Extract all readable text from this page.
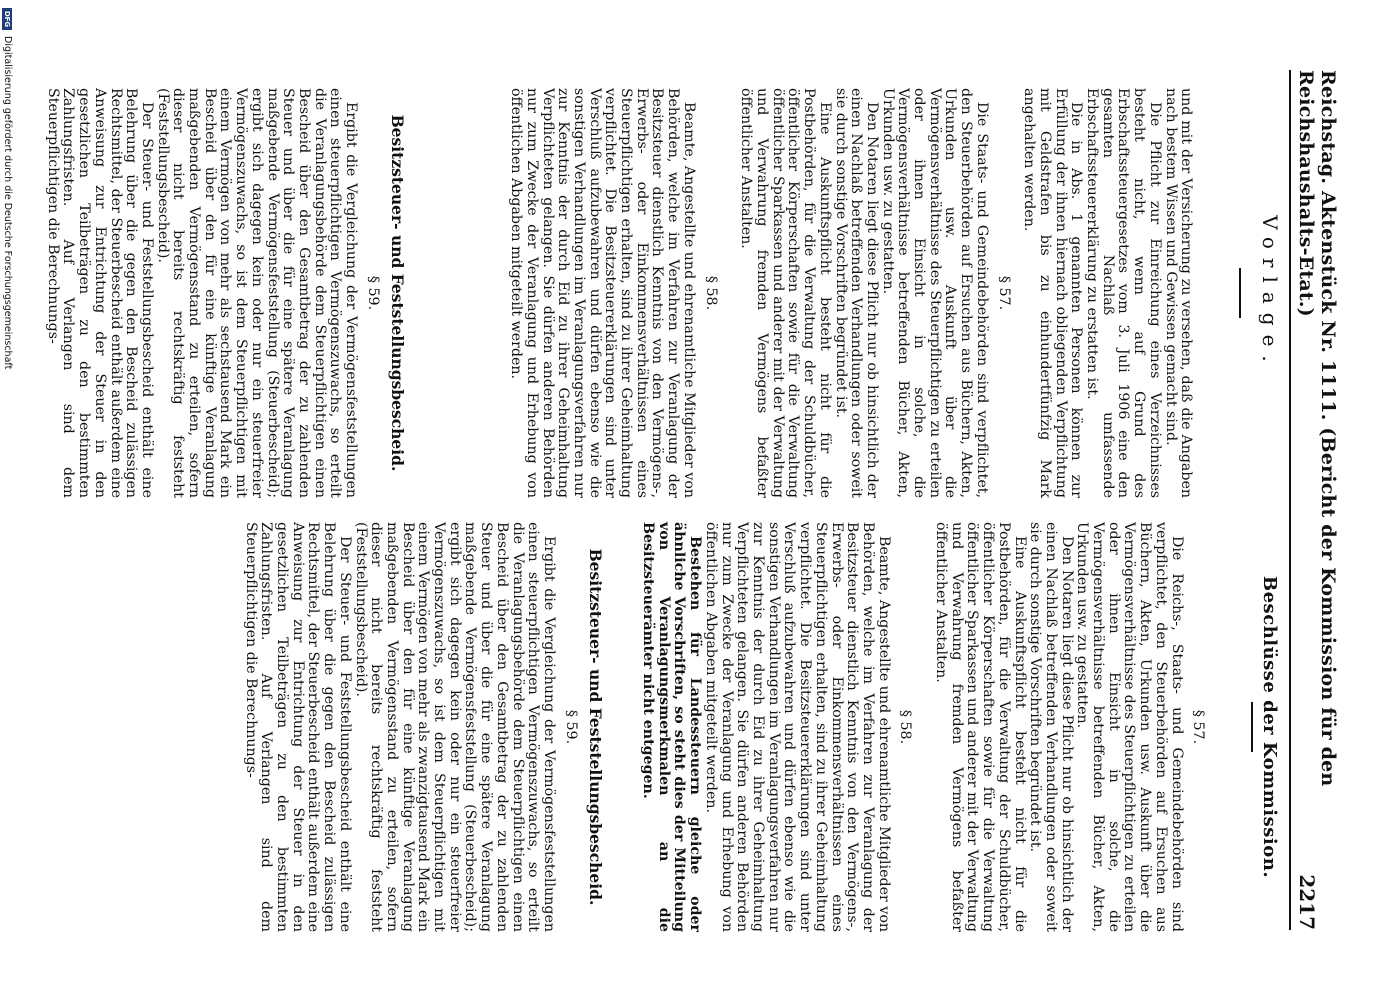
Reichstag. Aktenstück Nr. 1111. (Bericht der Kommission für den Reichshaushalts-Etat.)
2217
Vorlage.

und mit der Versicherung zu versehen, daß die Angaben nach bestem Wissen und Gewissen gemacht sind.

Die Pflicht zur Einreichung eines Verzeichnisses besteht nicht, wenn auf Grund des Erbschaftssteuergesetzes vom 3. Juli 1906 eine den gesamten Nachlaß umfassende Erbschaftssteuererklärung zu erstatten ist.

Die in Abs. 1 genannten Personen können zur Erfüllung der ihnen hiernach obliegenden Verpflichtung mit Geldstrafen bis zu einhundertfünfzig Mark angehalten werden.

§ 57.

Die Staats- und Gemeindebehörden sind verpflichtet, den Steuerbehörden auf Ersuchen aus Büchern, Akten, Urkunden usw. Auskunft über die Vermögensverhältnisse des Steuerpflichtigen zu erteilen oder ihnen Einsicht in solche, die Vermögensverhältnisse betreffenden Bücher, Akten, Urkunden usw. zu gestatten.

Den Notaren liegt diese Pflicht nur ob hinsichtlich der einen Nachlaß betreffenden Verhandlungen oder soweit sie durch sonstige Vorschriften begründet ist.

Eine Auskunftspflicht besteht nicht für die Postbehörden, für die Verwaltung der Schuldbücher, öffentlicher Körperschaften sowie für die Verwaltung öffentlicher Sparkassen und anderer mit der Verwaltung und Verwahrung fremden Vermögens befaßter öffentlicher Anstalten.

§ 58.

Beamte, Angestellte und ehrenamtliche Mitglieder von Behörden, welche im Verfahren zur Veranlagung der Besitzsteuer dienstlich Kenntnis von den Vermögens-, Erwerbs- oder Einkommensverhältnissen eines Steuerpflichtigen erhalten, sind zu ihrer Geheimhaltung verpflichtet. Die Besitzsteuererklärungen sind unter Verschluß aufzubewahren und dürfen ebenso wie die sonstigen Verhandlungen im Veranlagungsverfahren nur zur Kenntnis der durch Eid zu ihrer Geheimhaltung Verpflichteten gelangen. Sie dürfen anderen Behörden nur zum Zwecke der Veranlagung und Erhebung von öffentlichen Abgaben mitgeteilt werden.

Besitzsteuer- und Feststellungsbescheid.
§ 59.

Ergibt die Vergleichung der Vermögensfeststellungen einen steuerpflichtigen Vermögenszuwachs, so erteilt die Veranlagungsbehörde dem Steuerpflichtigen einen Bescheid über den Gesamtbetrag der zu zahlenden Steuer und über die für eine spätere Veranlagung maßgebende Vermögensfeststellung (Steuerbescheid); ergibt sich dagegen kein oder nur ein steuerfreier Vermögenszuwachs, so ist dem Steuerpflichtigen mit einem Vermögen von mehr als sechstausend Mark ein Bescheid über den für eine künftige Veranlagung maßgebenden Vermögensstand zu erteilen, sofern dieser nicht bereits rechtskräftig feststeht (Feststellungsbescheid).

Der Steuer- und Feststellungsbescheid enthält eine Belehrung über die gegen den Bescheid zulässigen Rechtsmittel, der Steuerbescheid enthält außerdem eine Anweisung zur Entrichtung der Steuer in den gesetzlichen Teilbeträgen zu den bestimmten Zahlungsfristen. Auf Verlangen sind dem Steuerpflichtigen die Berechnungs-

Beschlüsse der Kommission.
§ 57.

Die Reichs-, Staats- und Gemeindebehörden sind verpflichtet, den Steuerbehörden auf Ersuchen aus Büchern, Akten, Urkunden usw. Auskunft über die Vermögensverhältnisse des Steuerpflichtigen zu erteilen oder ihnen Einsicht in solche, die Vermögensverhältnisse betreffenden Bücher, Akten, Urkunden usw. zu gestatten.

Den Notaren liegt diese Pflicht nur ob hinsichtlich der einen Nachlaß betreffenden Verhandlungen oder soweit sie durch sonstige Vorschriften begründet ist.

Eine Auskunftspflicht besteht nicht für die Postbehörden, für die Verwaltung der Schuldbücher, öffentlicher Körperschaften sowie für die Verwaltung öffentlicher Sparkassen und anderer mit der Verwaltung und Verwahrung fremden Vermögens befaßter öffentlicher Anstalten.

§ 58.

Beamte, Angestellte und ehrenamtliche Mitglieder von Behörden, welche im Verfahren zur Veranlagung der Besitzsteuer dienstlich Kenntnis von den Vermögens-, Erwerbs- oder Einkommensverhältnissen eines Steuerpflichtigen erhalten, sind zu ihrer Geheimhaltung verpflichtet. Die Besitzsteuererklärungen sind unter Verschluß aufzubewahren und dürfen ebenso wie die sonstigen Verhandlungen im Veranlagungsverfahren nur zur Kenntnis der durch Eid zu ihrer Geheimhaltung Verpflichteten gelangen. Sie dürfen anderen Behörden nur zum Zwecke der Veranlagung und Erhebung von öffentlichen Abgaben mitgeteilt werden.

Bestehen für Landessteuern gleiche oder ähnliche Vorschriften, so steht dies der Mitteilung von Veranlagungsmerkmalen an die Besitzsteuerämter nicht entgegen.

Besitzsteuer- und Feststellungsbescheid.
§ 59.

Ergibt die Vergleichung der Vermögensfeststellungen einen steuerpflichtigen Vermögenszuwachs, so erteilt die Veranlagungsbehörde dem Steuerpflichtigen einen Bescheid über den Gesamtbetrag der zu zahlenden Steuer und über die für eine spätere Veranlagung maßgebende Vermögensfeststellung (Steuerbescheid); ergibt sich dagegen kein oder nur ein steuerfreier Vermögenszuwachs, so ist dem Steuerpflichtigen mit einem Vermögen von mehr als zwanzigtausend Mark ein Bescheid über den für eine künftige Veranlagung maßgebenden Vermögensstand zu erteilen, sofern dieser nicht bereits rechtskräftig feststeht (Feststellungsbescheid).

Der Steuer- und Feststellungsbescheid enthält eine Belehrung über die gegen den Bescheid zulässigen Rechtsmittel, der Steuerbescheid enthält außerdem eine Anweisung zur Entrichtung der Steuer in den gesetzlichen Teilbeträgen zu den bestimmten Zahlungsfristen. Auf Verlangen sind dem Steuerpflichtigen die Berechnungs-

DFG
Digitalisierung gefördert durch die Deutsche Forschungsgemeinschaft
